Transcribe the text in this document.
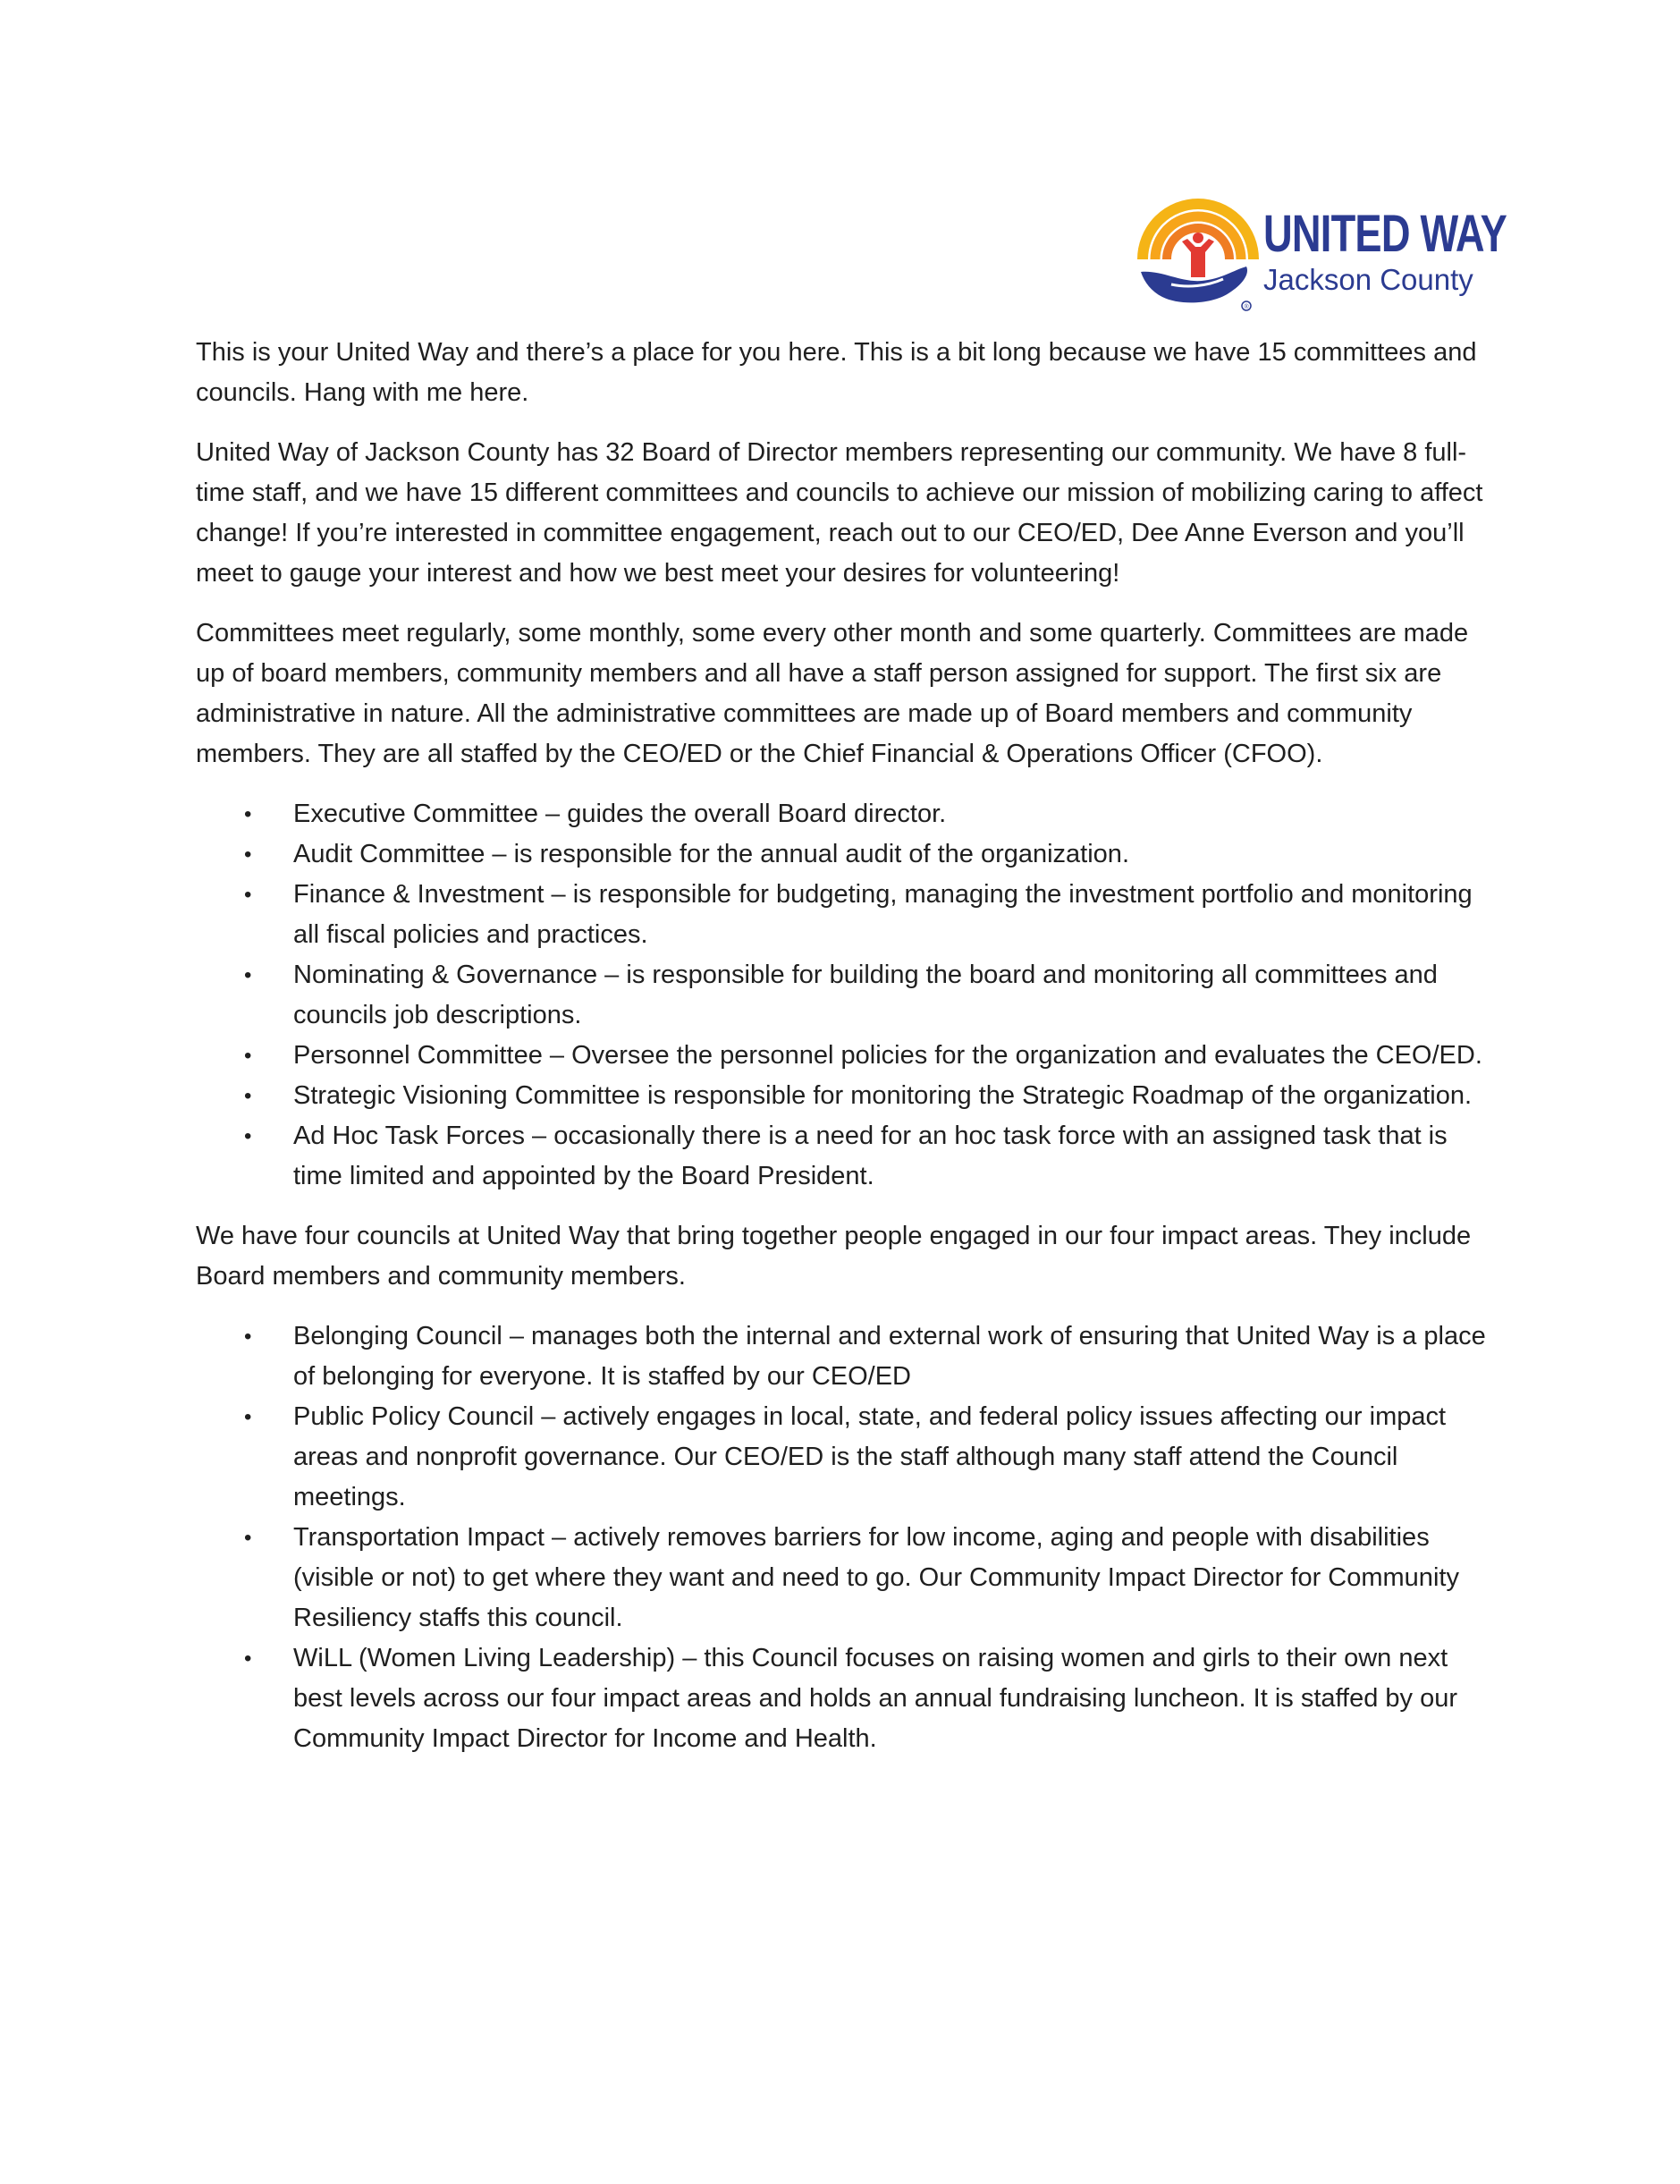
®
UNITED WAY
Jackson County

This is your United Way and there’s a place for you here. This is a bit long because we have 15 committees and councils. Hang with me here.

United Way of Jackson County has 32 Board of Director members representing our community. We have 8 full-time staff, and we have 15 different committees and councils to achieve our mission of mobilizing caring to affect change! If you’re interested in committee engagement, reach out to our CEO/ED, Dee Anne Everson and you’ll meet to gauge your interest and how we best meet your desires for volunteering!

Committees meet regularly, some monthly, some every other month and some quarterly. Committees are made up of board members, community members and all have a staff person assigned for support. The first six are administrative in nature. All the administrative committees are made up of Board members and community members. They are all staffed by the CEO/ED or the Chief Financial & Operations Officer (CFOO).

• Executive Committee – guides the overall Board director.
• Audit Committee – is responsible for the annual audit of the organization.
• Finance & Investment – is responsible for budgeting, managing the investment portfolio and monitoring all fiscal policies and practices.
• Nominating & Governance – is responsible for building the board and monitoring all committees and councils job descriptions.
• Personnel Committee – Oversee the personnel policies for the organization and evaluates the CEO/ED.
• Strategic Visioning Committee is responsible for monitoring the Strategic Roadmap of the organization.
• Ad Hoc Task Forces – occasionally there is a need for an hoc task force with an assigned task that is time limited and appointed by the Board President.

We have four councils at United Way that bring together people engaged in our four impact areas. They include Board members and community members.

• Belonging Council – manages both the internal and external work of ensuring that United Way is a place of belonging for everyone. It is staffed by our CEO/ED
• Public Policy Council – actively engages in local, state, and federal policy issues affecting our impact areas and nonprofit governance. Our CEO/ED is the staff although many staff attend the Council meetings.
• Transportation Impact – actively removes barriers for low income, aging and people with disabilities (visible or not) to get where they want and need to go. Our Community Impact Director for Community Resiliency staffs this council.
• WiLL (Women Living Leadership) – this Council focuses on raising women and girls to their own next best levels across our four impact areas and holds an annual fundraising luncheon. It is staffed by our Community Impact Director for Income and Health.
